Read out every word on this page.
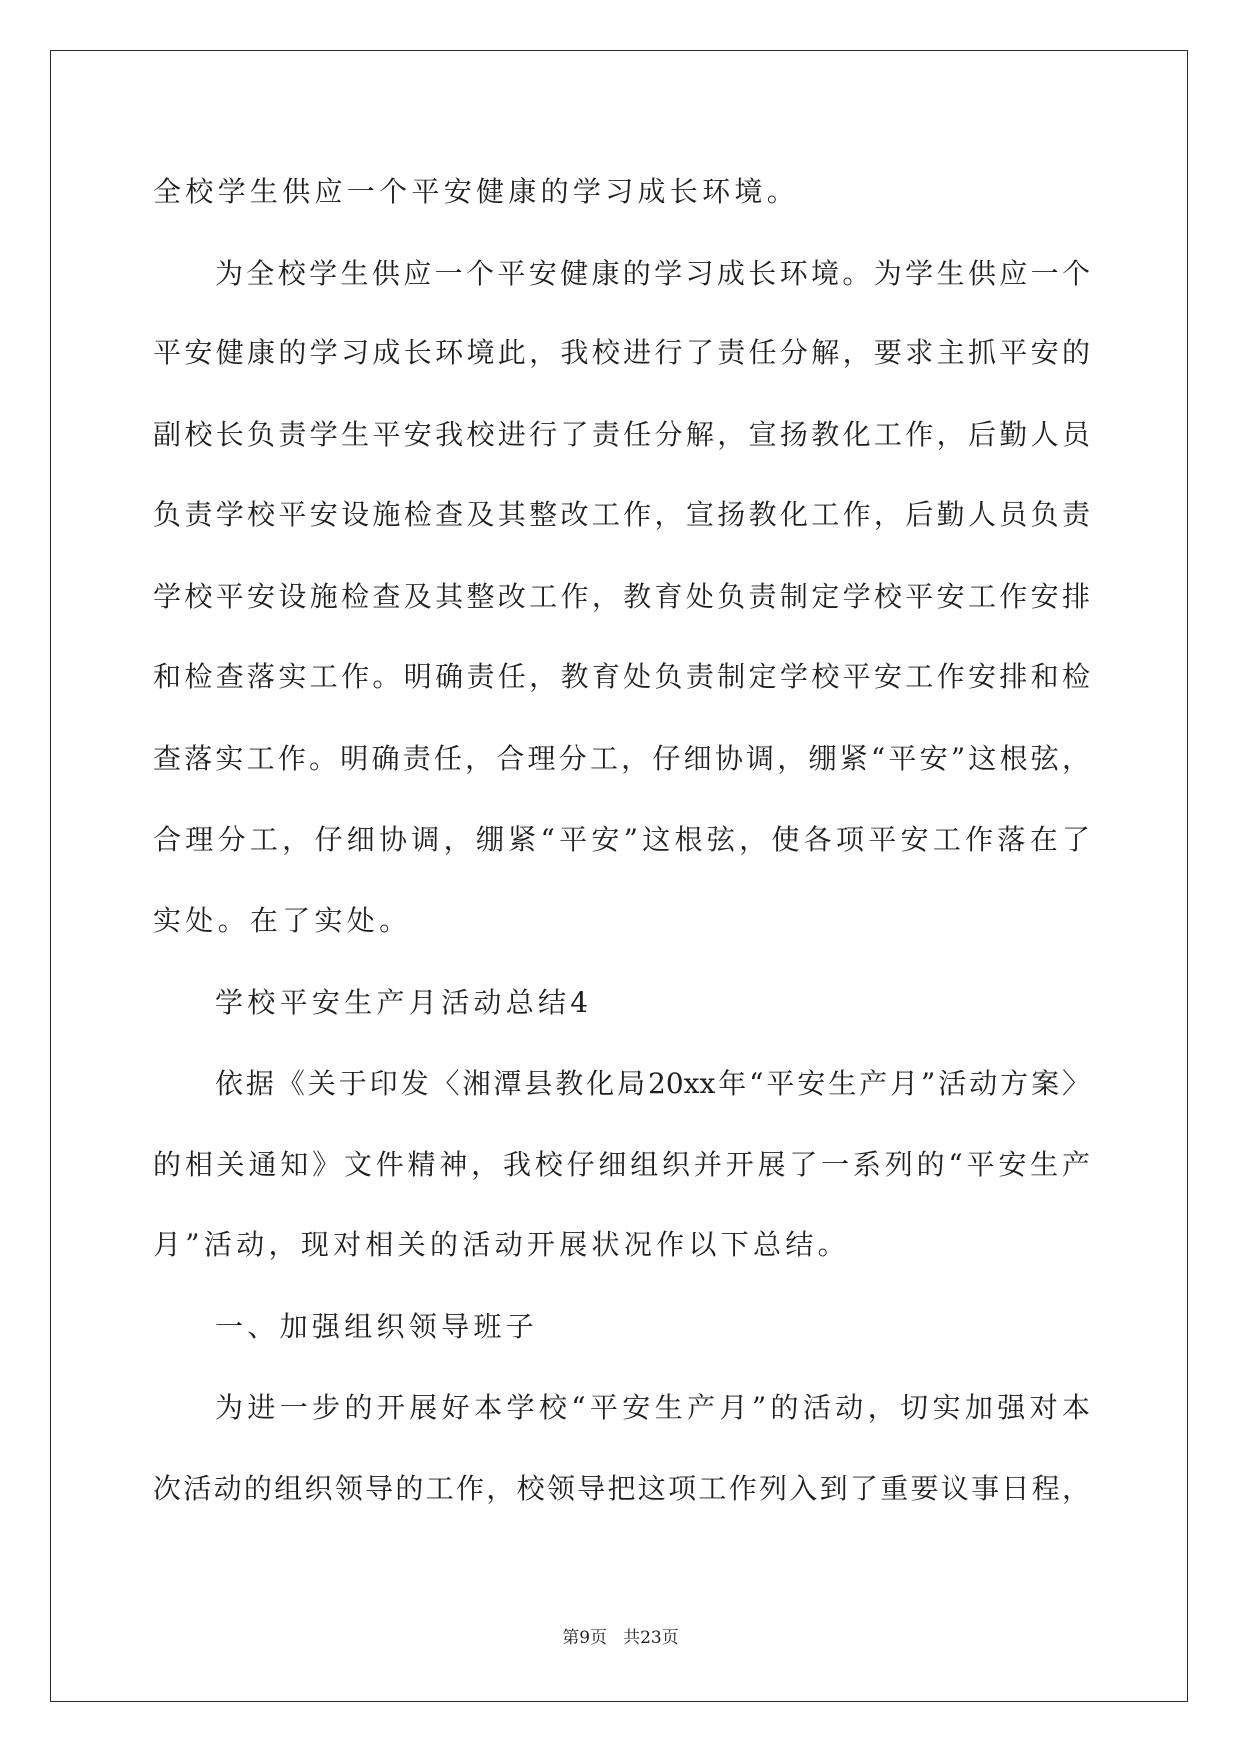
全校学生供应一个平安健康的学习成长环境。
为全校学生供应一个平安健康的学习成长环境。为学生供应一个
平安健康的学习成长环境此，我校进行了责任分解，要求主抓平安的
副校长负责学生平安我校进行了责任分解，宣扬教化工作，后勤人员
负责学校平安设施检查及其整改工作，宣扬教化工作，后勤人员负责
学校平安设施检查及其整改工作，教育处负责制定学校平安工作安排
和检查落实工作。明确责任，教育处负责制定学校平安工作安排和检
查落实工作。明确责任，合理分工，仔细协调，绷紧“平安”这根弦，
合理分工，仔细协调，绷紧“平安”这根弦，使各项平安工作落在了
实处。在了实处。
学校平安生产月活动总结4
依据《关于印发〈湘潭县教化局20xx年“平安生产月”活动方案〉
的相关通知》文件精神，我校仔细组织并开展了一系列的“平安生产
月”活动，现对相关的活动开展状况作以下总结。
一、加强组织领导班子
为进一步的开展好本学校“平安生产月”的活动，切实加强对本
次活动的组织领导的工作，校领导把这项工作列入到了重要议事日程，
第9页 共23页
